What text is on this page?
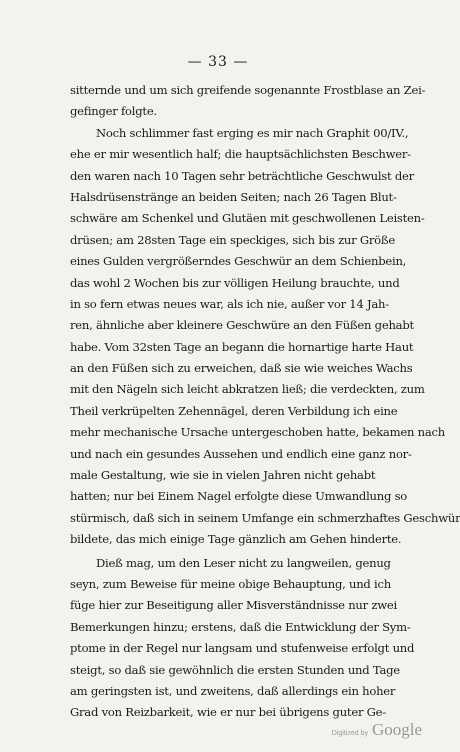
— 33 —
sitternde und um sich greifende sogenannte Frostblase an Zei-
gefinger folgte.
Noch schlimmer fast erging es mir nach Graphit 00/IV.,
ehe er mir wesentlich half; die hauptsächlichsten Beschwer-
den waren nach 10 Tagen sehr beträchtliche Geschwulst der
Halsdrüsenstränge an beiden Seiten; nach 26 Tagen Blut-
schwäre am Schenkel und Glutäen mit geschwollenen Leisten-
drüsen; am 28sten Tage ein speckiges, sich bis zur Größe
eines Gulden vergrößerndes Geschwür an dem Schienbein,
das wohl 2 Wochen bis zur völligen Heilung brauchte, und
in so fern etwas neues war, als ich nie, außer vor 14 Jah-
ren, ähnliche aber kleinere Geschwüre an den Füßen gehabt
habe. Vom 32sten Tage an begann die hornartige harte Haut
an den Füßen sich zu erweichen, daß sie wie weiches Wachs
mit den Nägeln sich leicht abkratzen ließ; die verdeckten, zum
Theil verkrüpelten Zehennägel, deren Verbildung ich eine
mehr mechanische Ursache untergeschoben hatte, bekamen nach
und nach ein gesundes Aussehen und endlich eine ganz nor-
male Gestaltung, wie sie in vielen Jahren nicht gehabt
hatten; nur bei Einem Nagel erfolgte diese Umwandlung so
stürmisch, daß sich in seinem Umfange ein schmerzhaftes Geschwür
bildete, das mich einige Tage gänzlich am Gehen hinderte.
Dieß mag, um den Leser nicht zu langweilen, genug
seyn, zum Beweise für meine obige Behauptung, und ich
füge hier zur Beseitigung aller Misverständnisse nur zwei
Bemerkungen hinzu; erstens, daß die Entwicklung der Sym-
ptome in der Regel nur langsam und stufenweise erfolgt und
steigt, so daß sie gewöhnlich die ersten Stunden und Tage
am geringsten ist, und zweitens, daß allerdings ein hoher
Grad von Reizbarkeit, wie er nur bei übrigens guter Ge-
Digitized by Google
